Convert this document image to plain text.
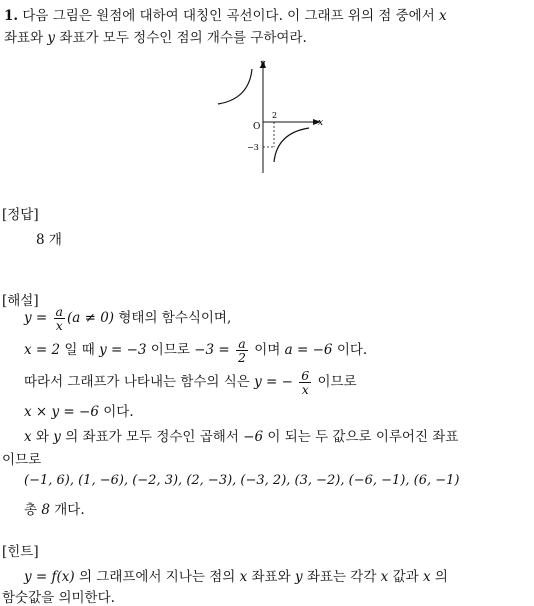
1. 다음 그림은 원점에 대하여 대칭인 곡선이다. 이 그래프 위의 점 중에서 x
좌표와 y 좌표가 모두 정수인 점의 개수를 구하여라.
y
x
O
2
−3
[정답]
8 개
[해설]
$y = \frac{a}{x} (a \ne 0)$ 형태의 함수식이며,
x = 2 일 때 y = −3 이므로 $-3 = \frac{a}{2}$ 이며 a = −6 이다.
따라서 그래프가 나타내는 함수의 식은 y = − $\frac{6}{x}$ 이므로
x × y = −6 이다.
x 와 y 의 좌표가 모두 정수인 곱해서 −6 이 되는 두 값으로 이루어진 좌표
이므로
(−1, 6), (1, −6), (−2, 3), (2, −3), (−3, 2), (3, −2), (−6, −1), (6, −1)
총 8 개다.
[힌트]
y = f(x) 의 그래프에서 지나는 점의 x 좌표와 y 좌표는 각각 x 값과 x 의
함숫값을 의미한다.
